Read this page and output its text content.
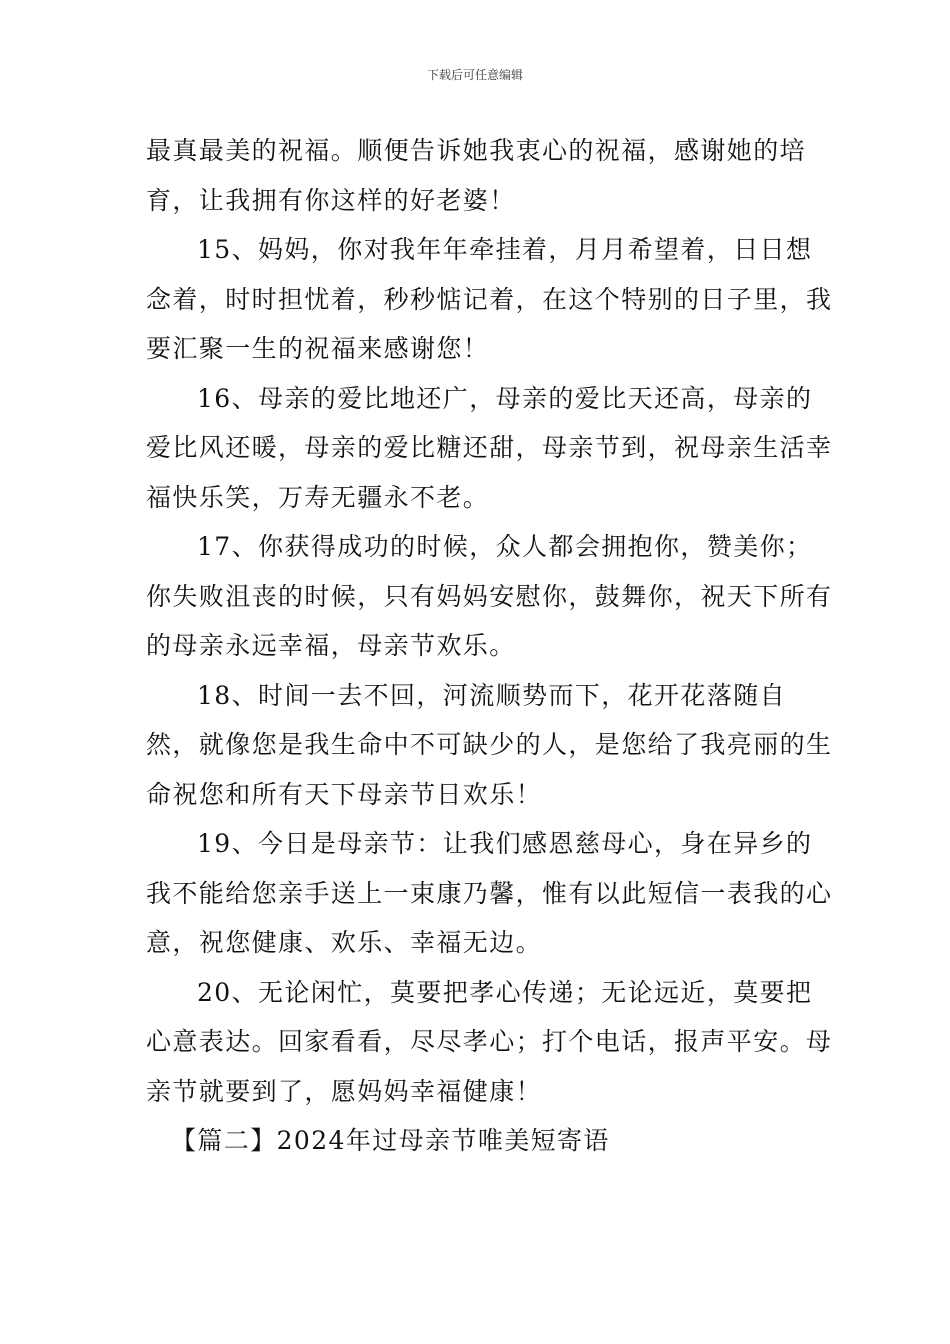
下载后可任意编辑

最真最美的祝福。顺便告诉她我衷心的祝福，感谢她的培育，让我拥有你这样的好老婆！

15、妈妈，你对我年年牵挂着，月月希望着，日日想念着，时时担忧着，秒秒惦记着，在这个特别的日子里，我要汇聚一生的祝福来感谢您！

16、母亲的爱比地还广，母亲的爱比天还高，母亲的爱比风还暖，母亲的爱比糖还甜，母亲节到，祝母亲生活幸福快乐笑，万寿无疆永不老。

17、你获得成功的时候，众人都会拥抱你，赞美你；你失败沮丧的时候，只有妈妈安慰你，鼓舞你，祝天下所有的母亲永远幸福，母亲节欢乐。

18、时间一去不回，河流顺势而下，花开花落随自然，就像您是我生命中不可缺少的人，是您给了我亮丽的生命祝您和所有天下母亲节日欢乐！

19、今日是母亲节：让我们感恩慈母心，身在异乡的我不能给您亲手送上一束康乃馨，惟有以此短信一表我的心意，祝您健康、欢乐、幸福无边。

20、无论闲忙，莫要把孝心传递；无论远近，莫要把心意表达。回家看看，尽尽孝心；打个电话，报声平安。母亲节就要到了，愿妈妈幸福健康！

【篇二】2024年过母亲节唯美短寄语
